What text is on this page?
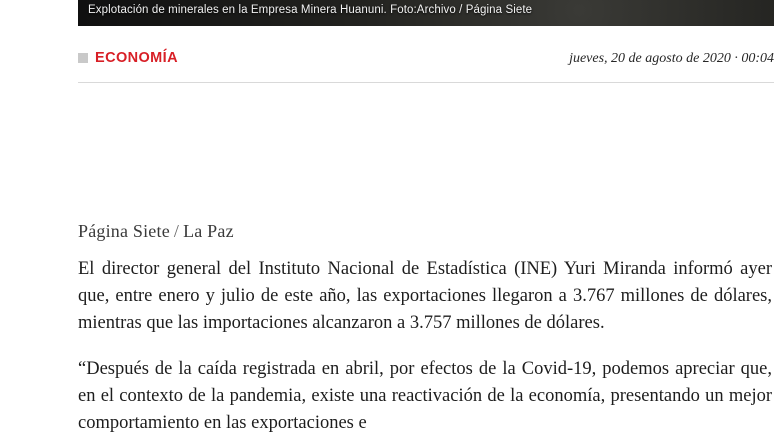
Explotación de minerales en la Empresa Minera Huanuni. Foto:Archivo / Página Siete
ECONOMÍA	jueves, 20 de agosto de 2020 · 00:04
Página Siete / La Paz

El director general del Instituto Nacional de Estadística (INE) Yuri Miranda informó ayer que, entre enero y julio de este año, las exportaciones llegaron a 3.767 millones de dólares, mientras que las importaciones alcanzaron a 3.757 millones de dólares.

“Después de la caída registrada en abril, por efectos de la Covid-19, podemos apreciar que, en el contexto de la pandemia, existe una reactivación de la economía, presentando un mejor comportamiento en las exportaciones e
